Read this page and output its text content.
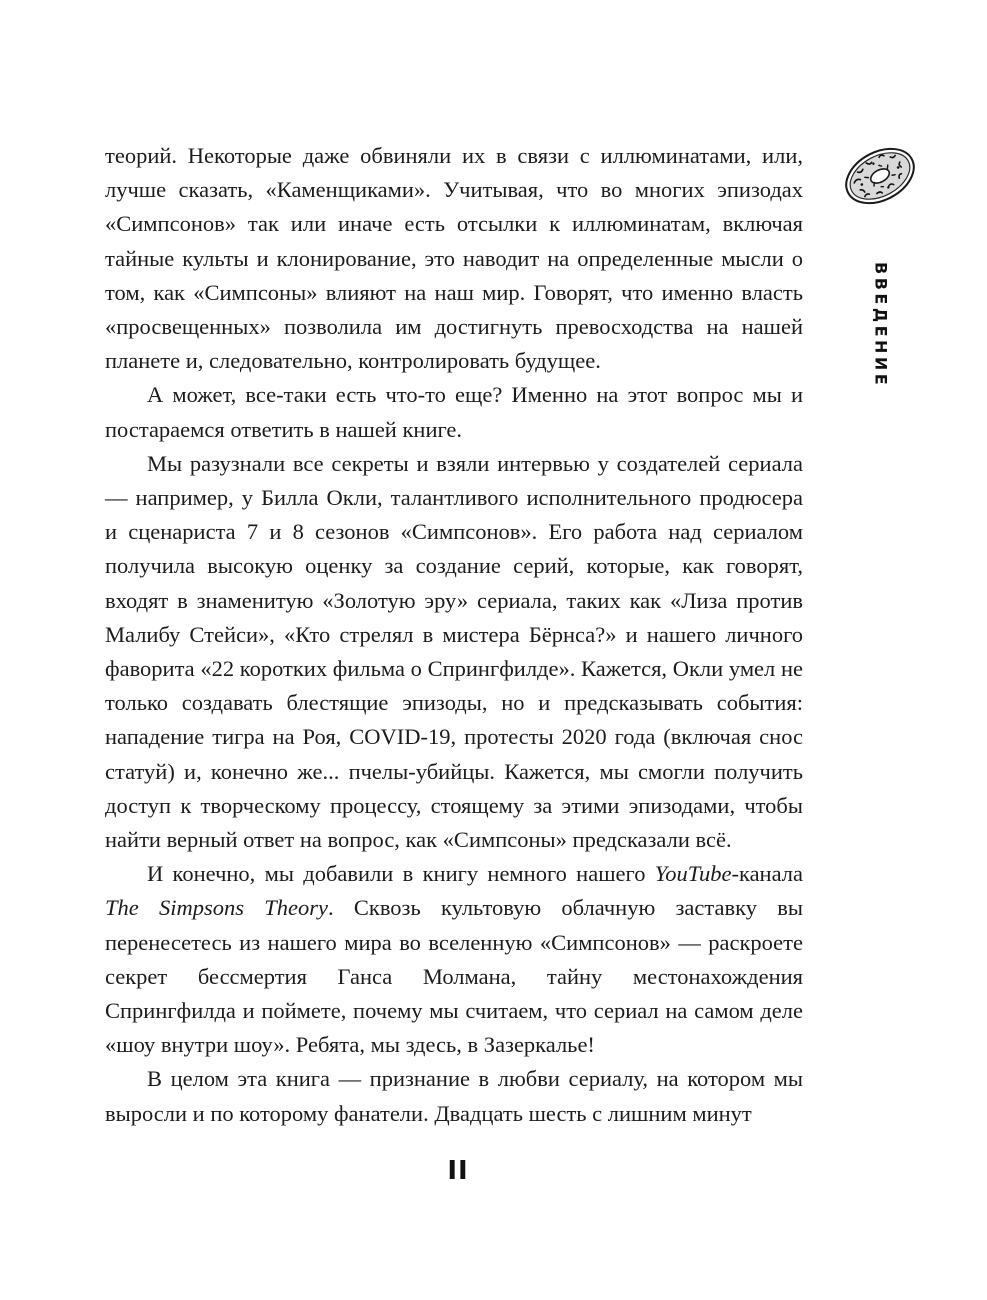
ВВЕДЕНИЕ

теорий. Некоторые даже обвиняли их в связи с иллюминатами, или, лучше сказать, «Каменщиками». Учитывая, что во многих эпизодах «Симпсонов» так или иначе есть отсылки к иллюминатам, включая тайные культы и клонирование, это наводит на определенные мысли о том, как «Симпсоны» влияют на наш мир. Говорят, что именно власть «просвещенных» позволила им достигнуть превосходства на нашей планете и, следовательно, контролировать будущее.

А может, все-таки есть что-то еще? Именно на этот вопрос мы и постараемся ответить в нашей книге.

Мы разузнали все секреты и взяли интервью у создателей сериала — например, у Билла Окли, талантливого исполнительного продюсера и сценариста 7 и 8 сезонов «Симпсонов». Его работа над сериалом получила высокую оценку за создание серий, которые, как говорят, входят в знаменитую «Золотую эру» сериала, таких как «Лиза против Малибу Стейси», «Кто стрелял в мистера Бёрнса?» и нашего личного фаворита «22 коротких фильма о Спрингфилде». Кажется, Окли умел не только создавать блестящие эпизоды, но и предсказывать события: нападение тигра на Роя, COVID-19, протесты 2020 года (включая снос статуй) и, конечно же... пчелы-убийцы. Кажется, мы смогли получить доступ к творческому процессу, стоящему за этими эпизодами, чтобы найти верный ответ на вопрос, как «Симпсоны» предсказали всё.

И конечно, мы добавили в книгу немного нашего YouTube-канала The Simpsons Theory. Сквозь культовую облачную заставку вы перенесетесь из нашего мира во вселенную «Симпсонов» — раскроете секрет бессмертия Ганса Молмана, тайну местонахождения Спрингфилда и поймете, почему мы считаем, что сериал на самом деле «шоу внутри шоу». Ребята, мы здесь, в Зазеркалье!

В целом эта книга — признание в любви сериалу, на котором мы выросли и по которому фанатели. Двадцать шесть с лишним минут

II
